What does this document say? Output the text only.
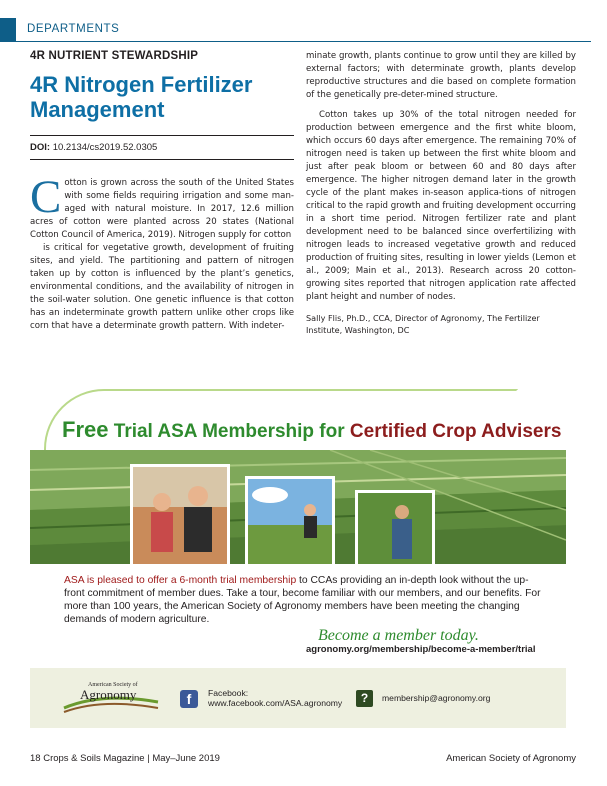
DEPARTMENTS

4R NUTRIENT STEWARDSHIP

4R Nitrogen Fertilizer Management
DOI: 10.2134/cs2019.52.0305

Cotton is grown across the south of the United States with some fields requiring irrigation and some man-aged with natural moisture. In 2017, 12.6 million acres of cotton were planted across 20 states (National Cotton Council of America, 2019). Nitrogen supply for cotton

is critical for vegetative growth, development of fruiting sites, and yield. The partitioning and pattern of nitrogen taken up by cotton is influenced by the plant’s genetics, environmental conditions, and the availability of nitrogen in the soil-water solution. One genetic influence is that cotton has an indeterminate growth pattern unlike other crops like corn that have a determinate growth pattern. With indeter-

minate growth, plants continue to grow until they are killed by external factors; with determinate growth, plants develop reproductive structures and die based on complete formation of the genetically pre-deter-mined structure.

Cotton takes up 30% of the total nitrogen needed for production between emergence and the first white bloom, which occurs 60 days after emergence. The remaining 70% of nitrogen need is taken up between the first white bloom and just after peak bloom or between 60 and 80 days after emergence. The higher nitrogen demand later in the growth cycle of the plant makes in-season applica-tions of nitrogen critical to the rapid growth and fruiting development occurring in a short time period. Nitrogen fertilizer rate and plant development need to be balanced since overfertilizing with nitrogen leads to increased vegetative growth and reduced production of fruiting sites, resulting in lower yields (Lemon et al., 2009; Main et al., 2013). Research across 20 cotton-growing sites reported that nitrogen application rate affected plant height and number of nodes.

Sally Flis, Ph.D., CCA, Director of Agronomy, The Fertilizer Institute, Washington, DC
Free Trial ASA Membership for Certified Crop Advisers
ASA is pleased to offer a 6-month trial membership to CCAs providing an in-depth look without the up-front commitment of member dues. Take a tour, become familiar with our members, and our benefits. For more than 100 years, the American Society of Agronomy members have been meeting the changing demands of modern agriculture.
Become a member today.
agronomy.org/membership/become-a-member/trial
American Society of
Agronomy	f	Facebook:
www.facebook.com/ASA.agronomy	?	membership@agronomy.org
18 Crops & Soils Magazine | May–June 2019	American Society of Agronomy
